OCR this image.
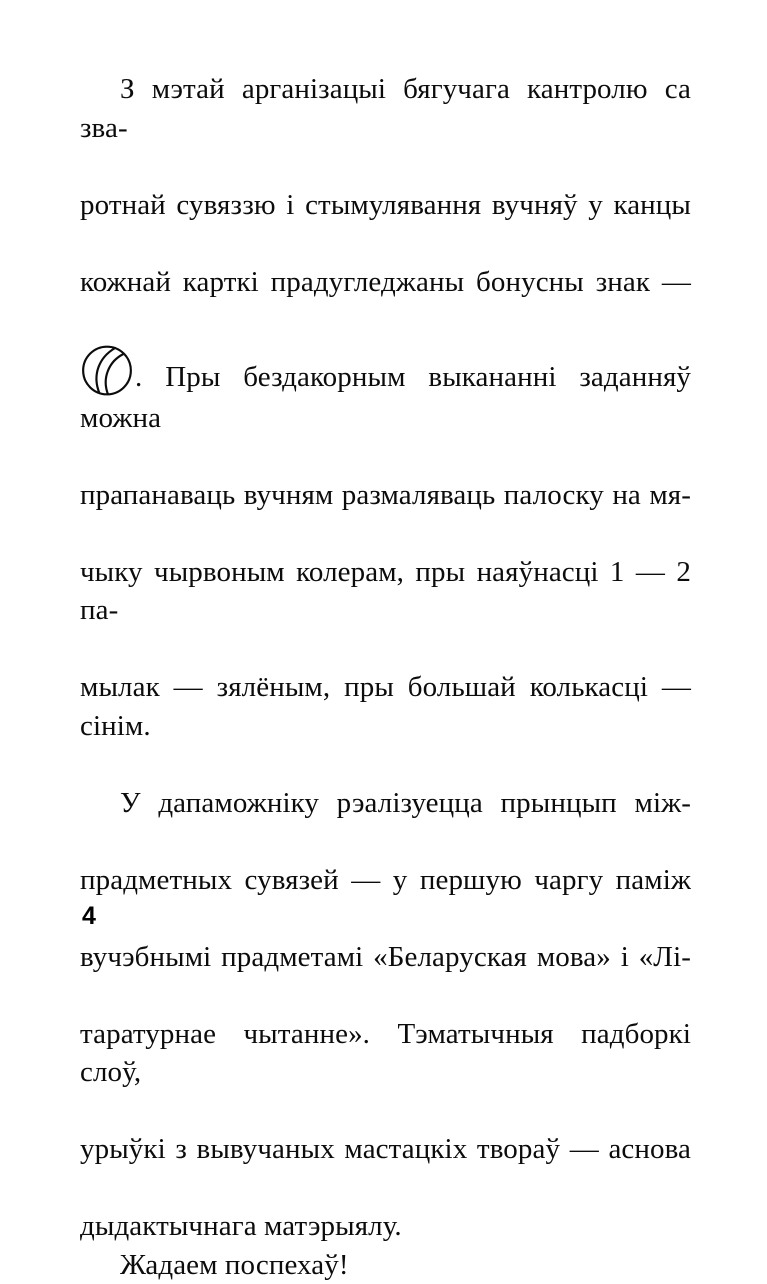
З мэтай арганізацыі бягучага кантролю са зва-
ротнай сувяззю і стымулявання вучняў у канцы
кожнай карткі прадугледжаны бонусны знак —
. Пры бездакорным выкананні заданняў можна
прапанаваць вучням размаляваць палоску на мя-
чыку чырвоным колерам, пры наяўнасці 1 — 2 па-
мылак — зялёным, пры большай колькасці — сінім.
У дапаможніку рэалізуецца прынцып між-
прадметных сувязей — у першую чаргу паміж
вучэбнымі прадметамі «Беларуская мова» і «Лі-
таратурнае чытанне». Тэматычныя падборкі слоў,
урыўкі з вывучаных мастацкіх твораў — аснова
дыдактычнага матэрыялу.
Жадаем поспехаў!
4
